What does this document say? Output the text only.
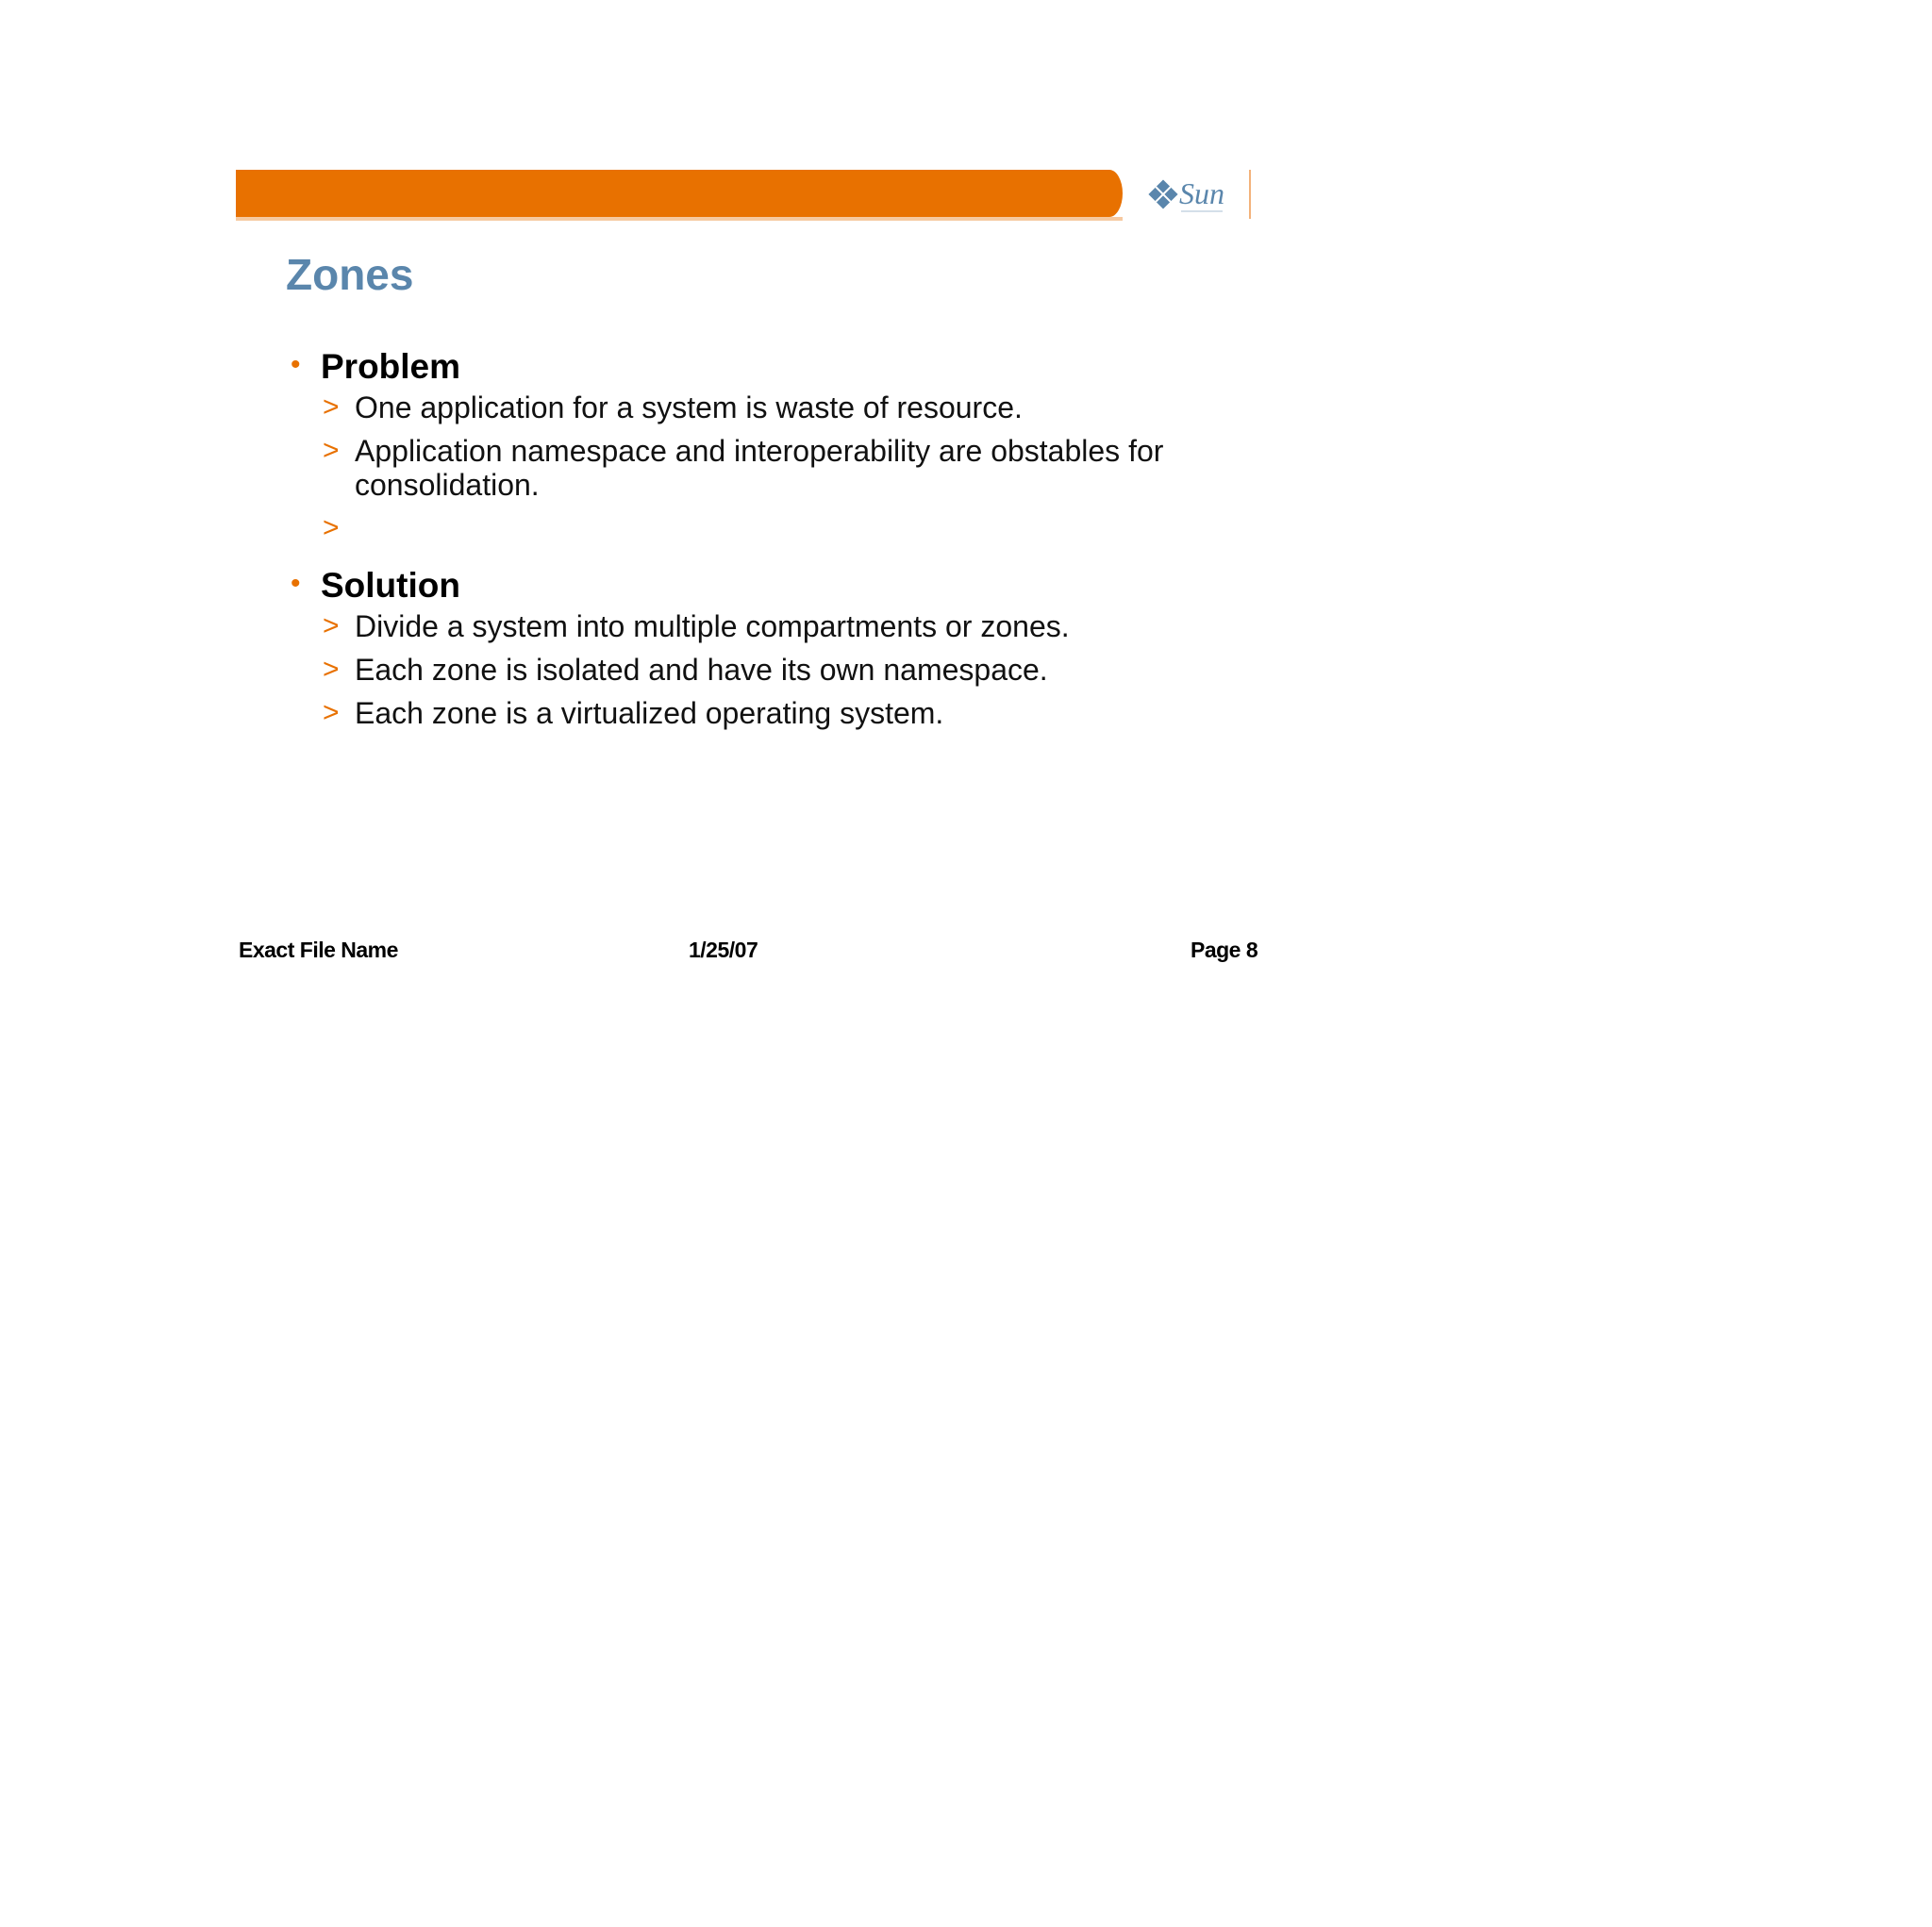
Sun
Zones
• Problem
> One application for a system is waste of resource.
> Application namespace and interoperability are obstables for consolidation.
>
• Solution
> Divide a system into multiple compartments or zones.
> Each zone is isolated and have its own namespace.
> Each zone is a virtualized operating system.
Exact File Name	1/25/07	Page 8
